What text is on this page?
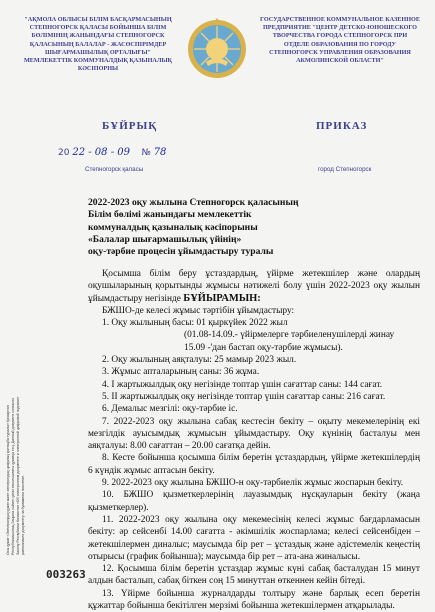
"АҚМОЛА ОБЛЫСЫ БІЛІМ БАСҚАРМАСЫНЫҢ СТЕПНОГОРСК ҚАЛАСЫ БОЙЫНША БІЛІМ БӨЛІМІНІҢ ЖАНЫНДАҒЫ СТЕПНОГОРСК ҚАЛАСЫНЫҢ БАЛАЛАР - ЖАСӨСПІРІМДЕР ШЫҒАРМАШЫЛЫҚ ОРТАЛЫҒЫ" МЕМЛЕКЕТТІК КОММУНАЛДЫҚ ҚАЗЫНАЛЫҚ КӘСІПОРНЫ
ГОСУДАРСТВЕННОЕ КОММУНАЛЬНОЕ КАЗЕННОЕ ПРЕДПРИЯТИЕ "ЦЕНТР ДЕТСКО-ЮНОШЕСКОГО ТВОРЧЕСТВА ГОРОДА СТЕПНОГОРСК ПРИ ОТДЕЛЕ ОБРАЗОВАНИЯ ПО ГОРОДУ СТЕПНОГОРСК УПРАВЛЕНИЯ ОБРАЗОВАНИЯ АКМОЛИНСКОЙ ОБЛАСТИ"
БҰЙРЫҚ	ПРИКАЗ
20 22 - 08 - 09 № 78
Степногорск қаласы	город Степногорск
2022-2023 оқу жылына Степногорск қаласының
Білім бөлімі жанындағы мемлекеттік
коммуналдық қазыналық кәсіпорыны
«Балалар шығармашылық үйінің»
оқу-тәрбие процесін ұйымдастыру туралы

Қосымша білім беру ұстаздардың, үйірме жетекшілер және олардың оқушыларының қорытынды жұмысы нәтижелі болу үшін 2022-2023 оқу жылын ұйымдастыру негізінде БҰЙЫРАМЫН:

БЖШО-де келесі жұмыс тәртібін ұйымдастыру:

1. Оқу жылының басы: 01 қыркүйек 2022 жыл

(01.08-14.09.- үйірмелерге тәрбиеленушілерді жинау

15.09 -'дан бастап оқу-тәрбие жұмысы).

2. Оқу жылының аяқталуы: 25 мамыр 2023 жыл.

3. Жұмыс апталарының саны: 36 жұма.

4. І жартыжылдық оқу негізінде топтар үшін сағаттар саны: 144 сағат.

5. ІІ жартыжылдық оқу негізінде топтар үшін сағаттар саны: 216 сағат.

6. Демалыс мезгілі: оқу-тәрбие іс.

7. 2022-2023 оқу жылына сабақ кестесін бекіту – оқыту мекемелерінің екі мезгілдік ауысымдық жұмысын ұйымдастыру. Оқу күнінің басталуы мен аяқталуы: 8.00 сағаттан – 20.00 сағатқа дейін.

8. Кесте бойынша қосымша білім беретін ұстаздардың, үйірме жетекшілердің 6 күндік жұмыс аптасын бекіту.

9. 2022-2023 оқу жылына БЖШО-н оқу-тәрбиелік жұмыс жоспарын бекіту.

10. БЖШО қызметкерлерінің лауазымдық нұсқауларын бекіту (жаңа қызметкерлер).

11. 2022-2023 оқу жылына оқу мекемесінің келесі жұмыс бағдарламасын бекіту: әр сейсенбі 14.00 сағатта - әкімшілік жоспарлама; келесі сейсенбіден – жетекшілермен диналыс; маусымда бір рет – ұстаздық және әдістемелік кеңестің отырысы (график бойынша); маусымда бір рет – ата-ана жиналысы.

12. Қосымша білім беретін ұстаздар жұмыс күні сабақ басталудан 15 минут алдын басталып, сабақ біткен соң 15 минуттан өткеннен кейін бітеді.

13. Үйірме бойынша журналдарды толтыру және барлық есеп беретін құжаттар бойынша бекітілген мерзімі бойынша жетекшілермен атқарылады.

Осы құжат «Электрондық құжат және электрондық цифрлық қолтаңба туралы» Қазақстан Республикасының Заңына сәйкес қағаз тасығыштағы құжатқа тең. Данный документ согласно Закону Республики Казахстан «Об электронном документе и электронной цифровой подписи» равнозначен документу на бумажном носителе.
003263
